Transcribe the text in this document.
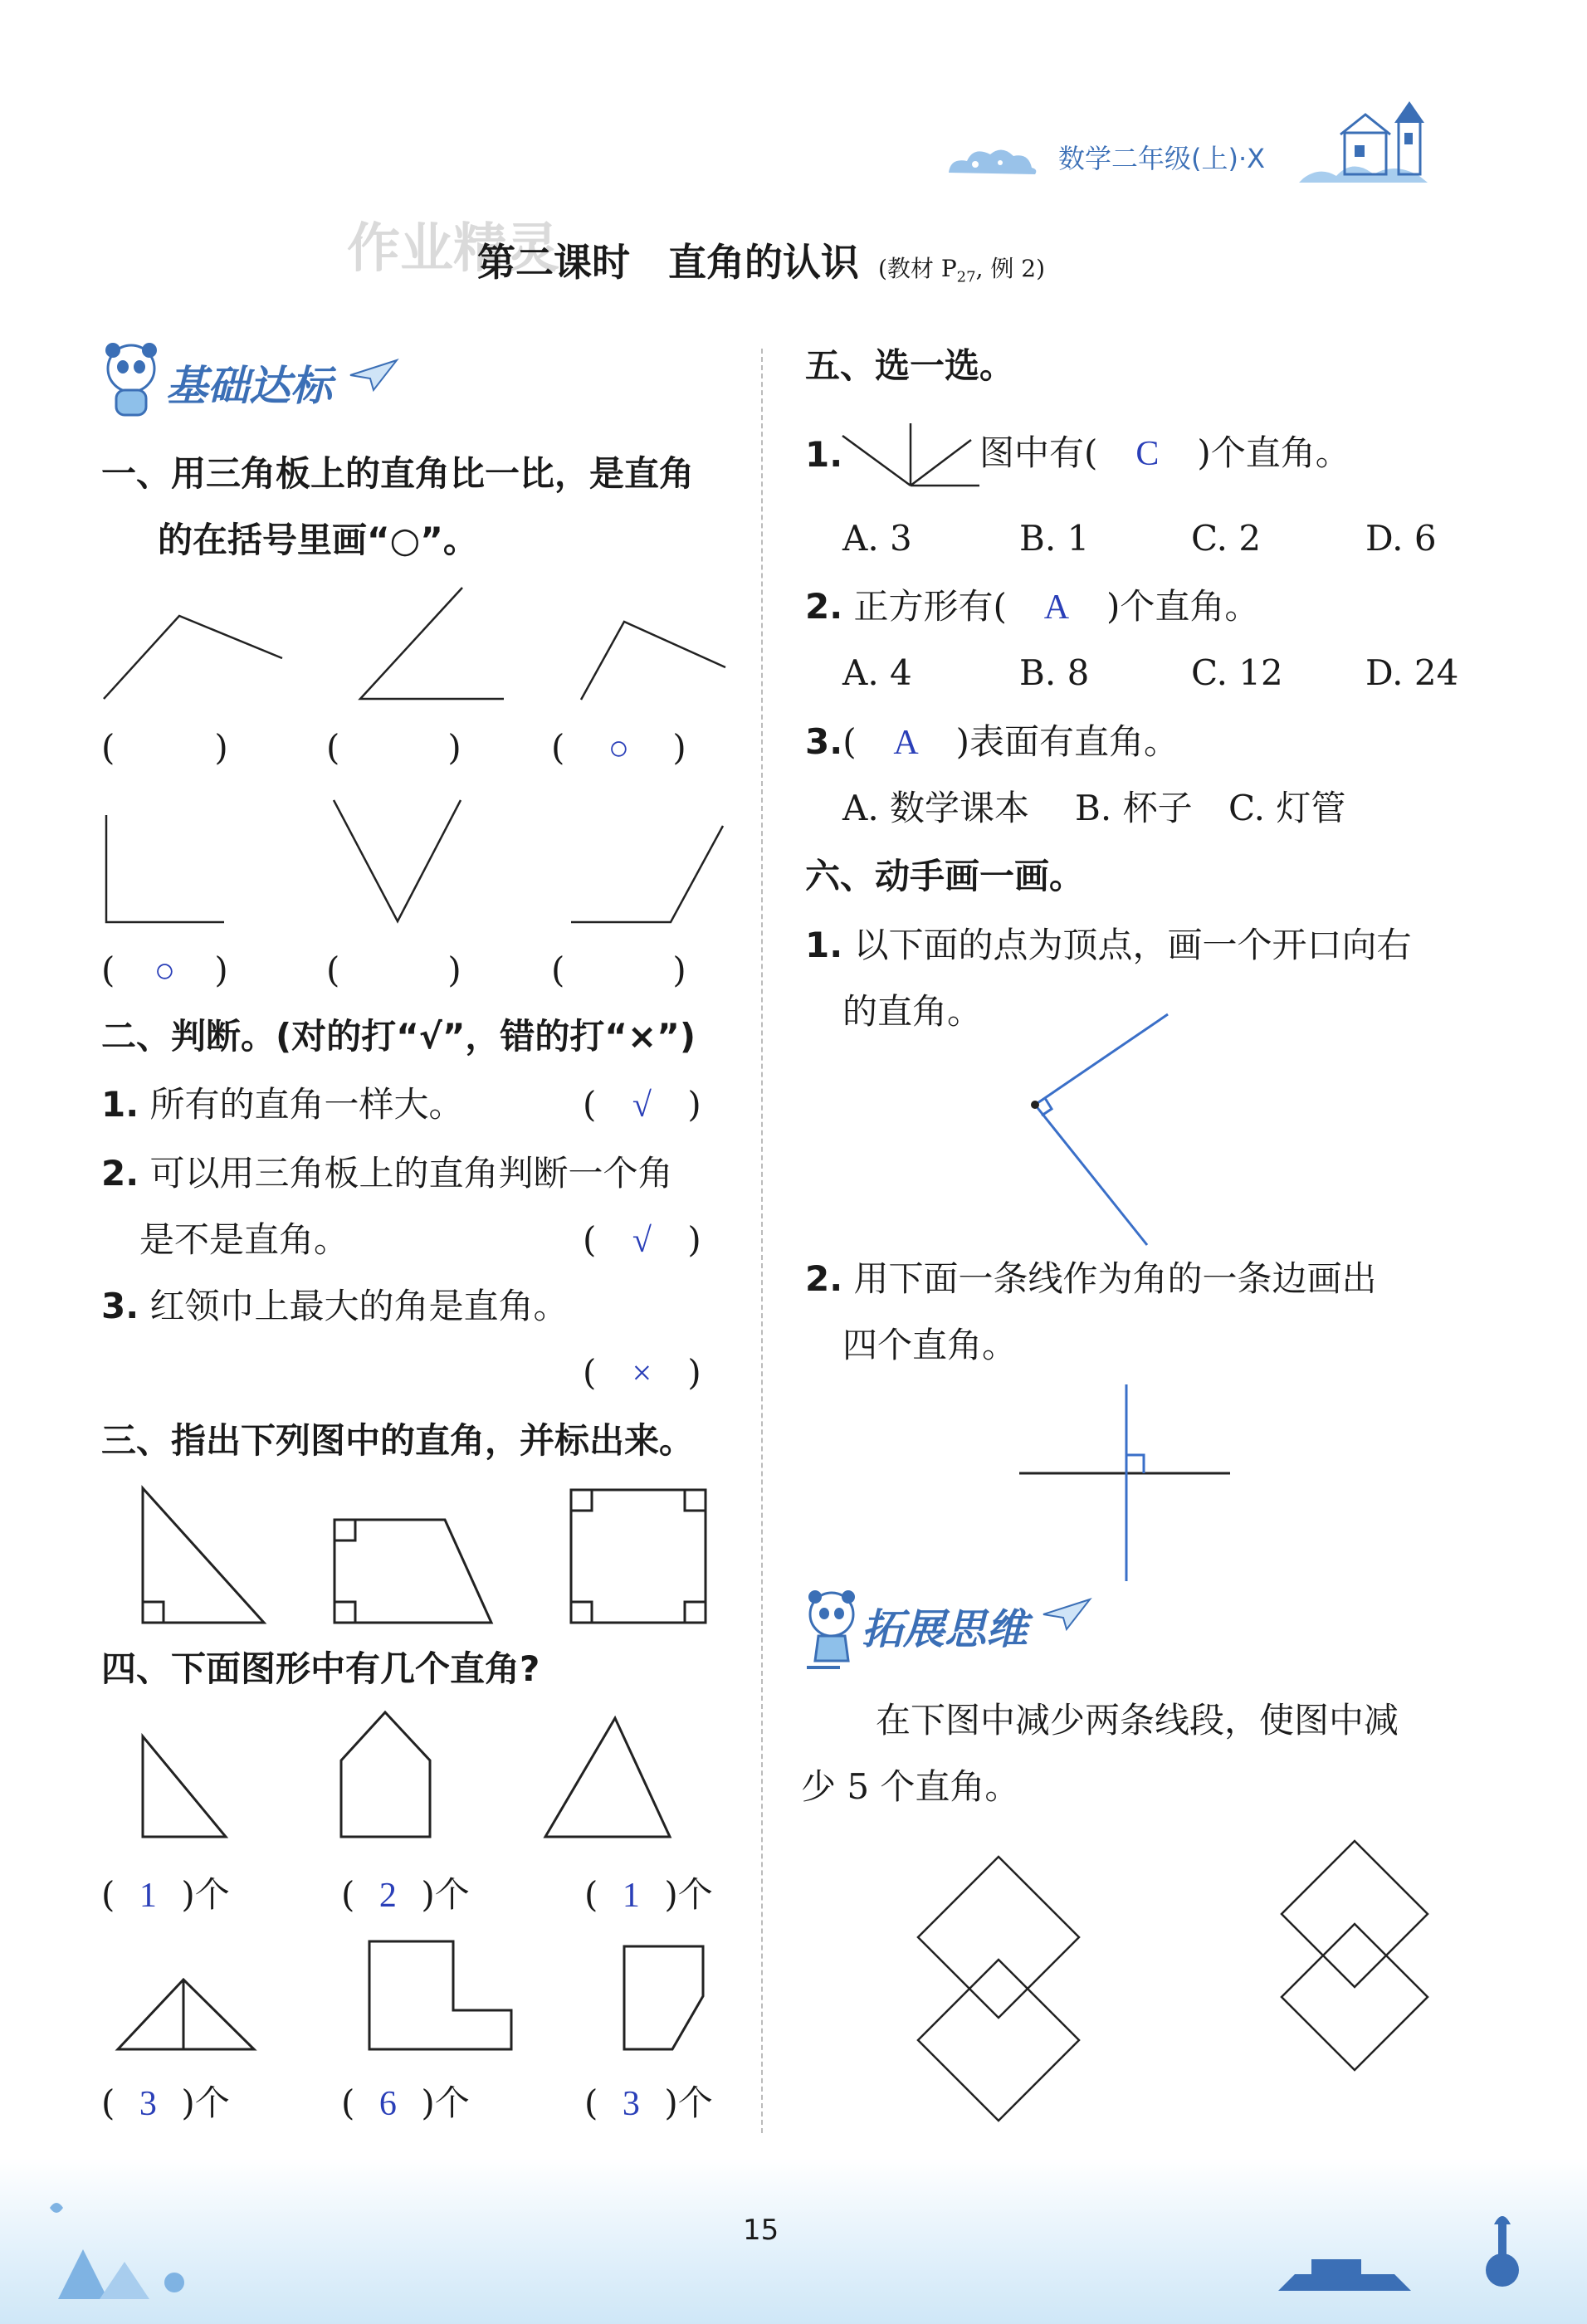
数学二年级(上)·X
作业精灵
第二课时　直角的认识 (教材 $P_{27}$, 例 2)
基础达标
一、用三角板上的直角比一比，是直角
的在括号里画“○”。
(	)	(	)	( ○ )
( ○ )	(	)	(	)
二、判断。(对的打“√”，错的打“×”)
1. 所有的直角一样大。	( √ )
2. 可以用三角板上的直角判断一个角
是不是直角。	( √ )
3. 红领巾上最大的角是直角。
( × )
三、指出下列图中的直角，并标出来。
四、下面图形中有几个直角?
( 1 )个	( 2 )个	( 1 )个
( 3 )个	( 6 )个	( 3 )个
五、选一选。
1.	图中有( C )个直角。
A. 3	B. 1	C. 2	D. 6
2. 正方形有( A )个直角。
A. 4	B. 8	C. 12 D. 24
3.( A )表面有直角。
A. 数学课本 B. 杯子 C. 灯管
六、动手画一画。
1. 以下面的点为顶点，画一个开口向右
的直角。
2. 用下面一条线作为角的一条边画出
四个直角。
拓展思维
在下图中减少两条线段，使图中减
少 5 个直角。
15
